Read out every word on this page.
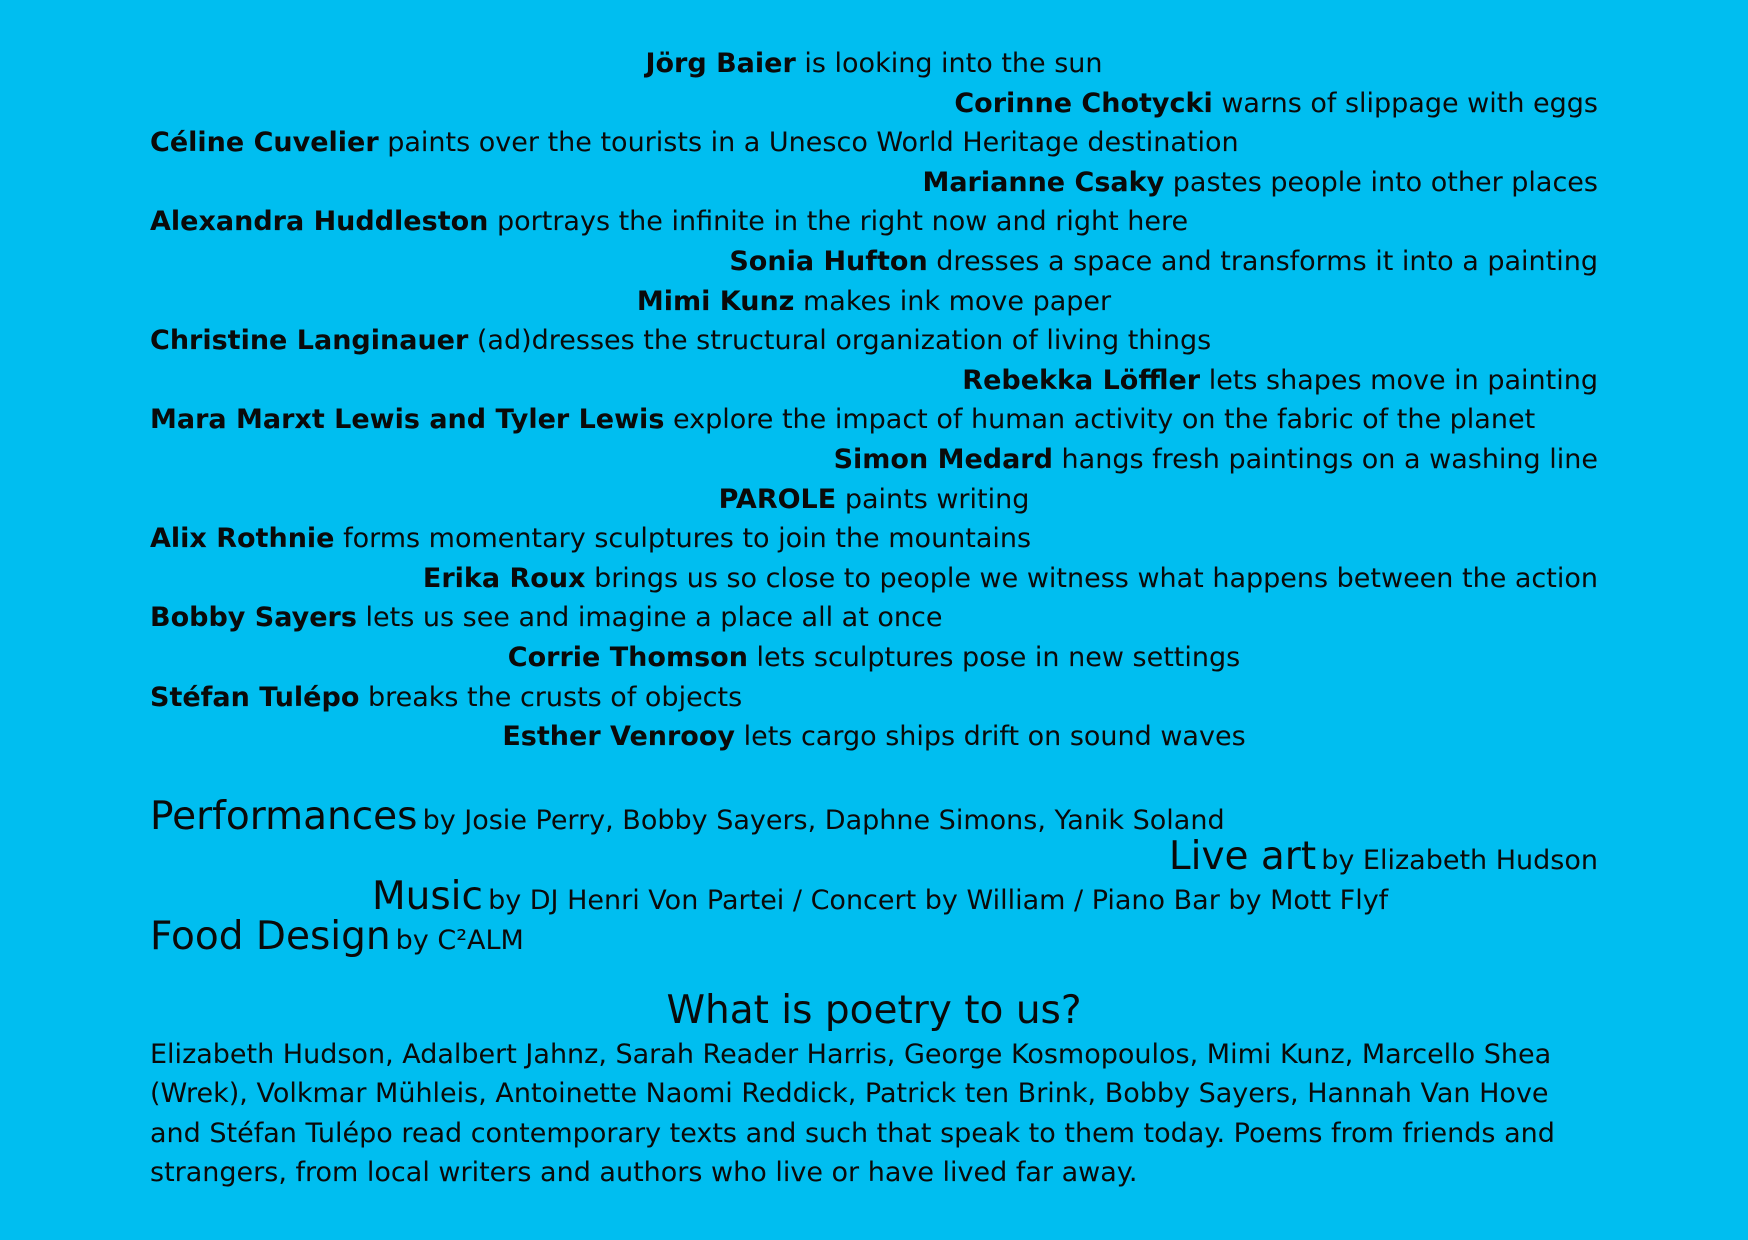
Jörg Baier is looking into the sun
Corinne Chotycki warns of slippage with eggs
Céline Cuvelier paints over the tourists in a Unesco World Heritage destination
Marianne Csaky pastes people into other places
Alexandra Huddleston portrays the infinite in the right now and right here
Sonia Hufton dresses a space and transforms it into a painting
Mimi Kunz makes ink move paper
Christine Langinauer (ad)dresses the structural organization of living things
Rebekka Löffler lets shapes move in painting
Mara Marxt Lewis and Tyler Lewis explore the impact of human activity on the fabric of the planet
Simon Medard hangs fresh paintings on a washing line
PAROLE paints writing
Alix Rothnie forms momentary sculptures to join the mountains
Erika Roux brings us so close to people we witness what happens between the action
Bobby Sayers lets us see and imagine a place all at once
Corrie Thomson lets sculptures pose in new settings
Stéfan Tulépo breaks the crusts of objects
Esther Venrooy lets cargo ships drift on sound waves
Performances by Josie Perry, Bobby Sayers, Daphne Simons, Yanik Soland
Live art by Elizabeth Hudson
Music by DJ Henri Von Partei / Concert by William / Piano Bar by Mott Flyf
Food Design by C²ALM
What is poetry to us?
Elizabeth Hudson, Adalbert Jahnz, Sarah Reader Harris, George Kosmopoulos, Mimi Kunz, Marcello Shea (Wrek), Volkmar Mühleis, Antoinette Naomi Reddick, Patrick ten Brink, Bobby Sayers, Hannah Van Hove and Stéfan Tulépo read contemporary texts and such that speak to them today. Poems from friends and strangers, from local writers and authors who live or have lived far away.
